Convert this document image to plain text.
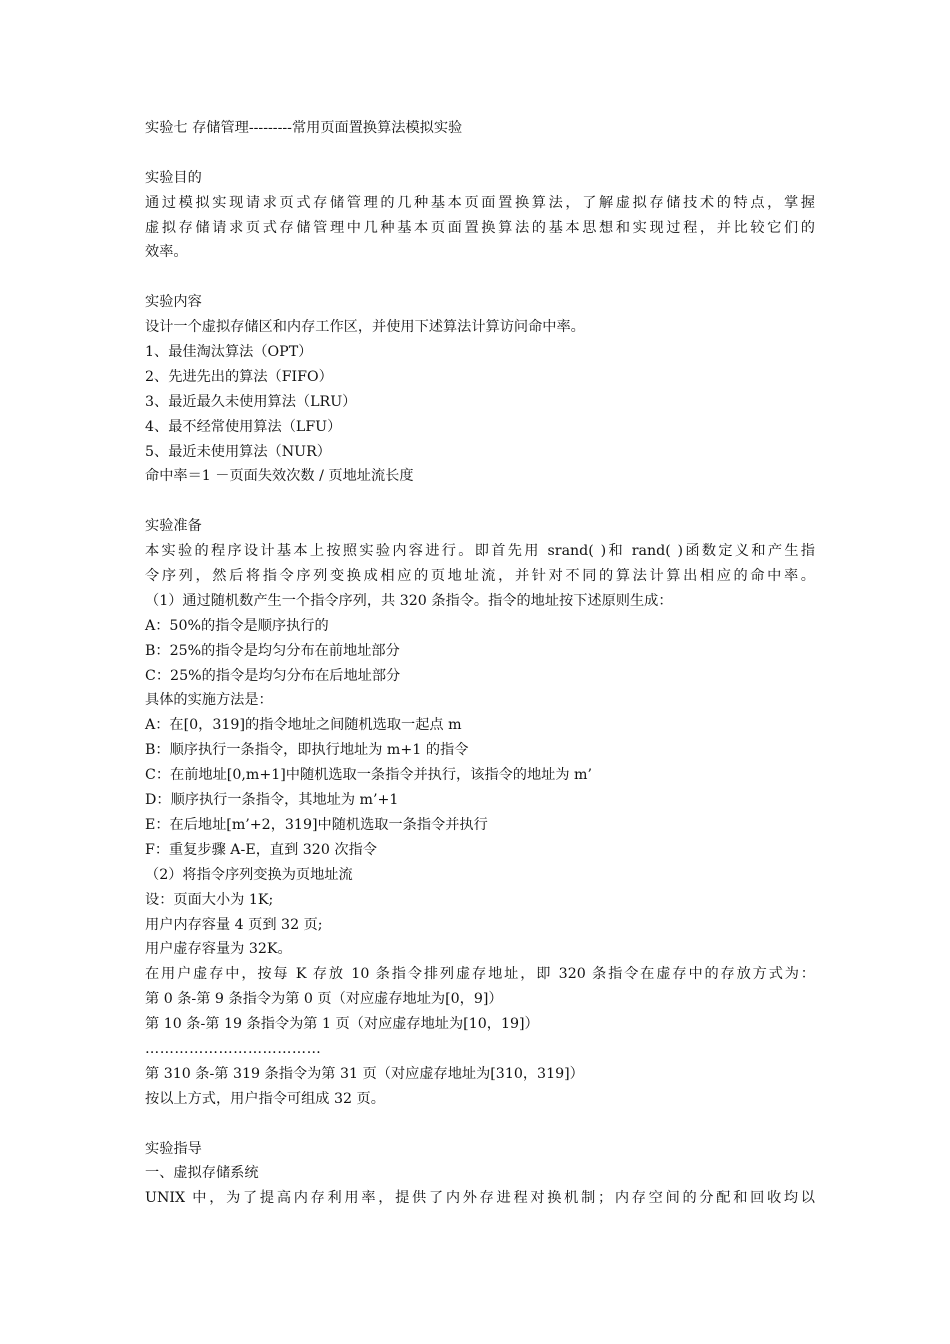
实验七 存储管理---------常用页面置换算法模拟实验
实验目的
通过模拟实现请求页式存储管理的几种基本页面置换算法，了解虚拟存储技术的特点，掌握
虚拟存储请求页式存储管理中几种基本页面置换算法的基本思想和实现过程，并比较它们的
效率。
实验内容
设计一个虚拟存储区和内存工作区，并使用下述算法计算访问命中率。
1、最佳淘汰算法（OPT）
2、先进先出的算法（FIFO）
3、最近最久未使用算法（LRU）
4、最不经常使用算法（LFU）
5、最近未使用算法（NUR）
命中率＝1 －页面失效次数 / 页地址流长度
实验准备
本实验的程序设计基本上按照实验内容进行。即首先用 srand( )和 rand( )函数定义和产生指
令序列，然后将指令序列变换成相应的页地址流，并针对不同的算法计算出相应的命中率。
（1）通过随机数产生一个指令序列，共 320 条指令。指令的地址按下述原则生成：
A：50%的指令是顺序执行的
B：25%的指令是均匀分布在前地址部分
C：25%的指令是均匀分布在后地址部分
具体的实施方法是：
A：在[0，319]的指令地址之间随机选取一起点 m
B：顺序执行一条指令，即执行地址为 m+1 的指令
C：在前地址[0,m+1]中随机选取一条指令并执行，该指令的地址为 m’
D：顺序执行一条指令，其地址为 m’+1
E：在后地址[m’+2，319]中随机选取一条指令并执行
F：重复步骤 A-E，直到 320 次指令
（2）将指令序列变换为页地址流
设：页面大小为 1K;
用户内存容量 4 页到 32 页;
用户虚存容量为 32K。
在用户虚存中，按每 K 存放 10 条指令排列虚存地址，即 320 条指令在虚存中的存放方式为：
第 0 条-第 9 条指令为第 0 页（对应虚存地址为[0，9]）
第 10 条-第 19 条指令为第 1 页（对应虚存地址为[10，19]）
………………………………
第 310 条-第 319 条指令为第 31 页（对应虚存地址为[310，319]）
按以上方式，用户指令可组成 32 页。
实验指导
一、虚拟存储系统
UNIX 中，为了提高内存利用率，提供了内外存进程对换机制；内存空间的分配和回收均以
